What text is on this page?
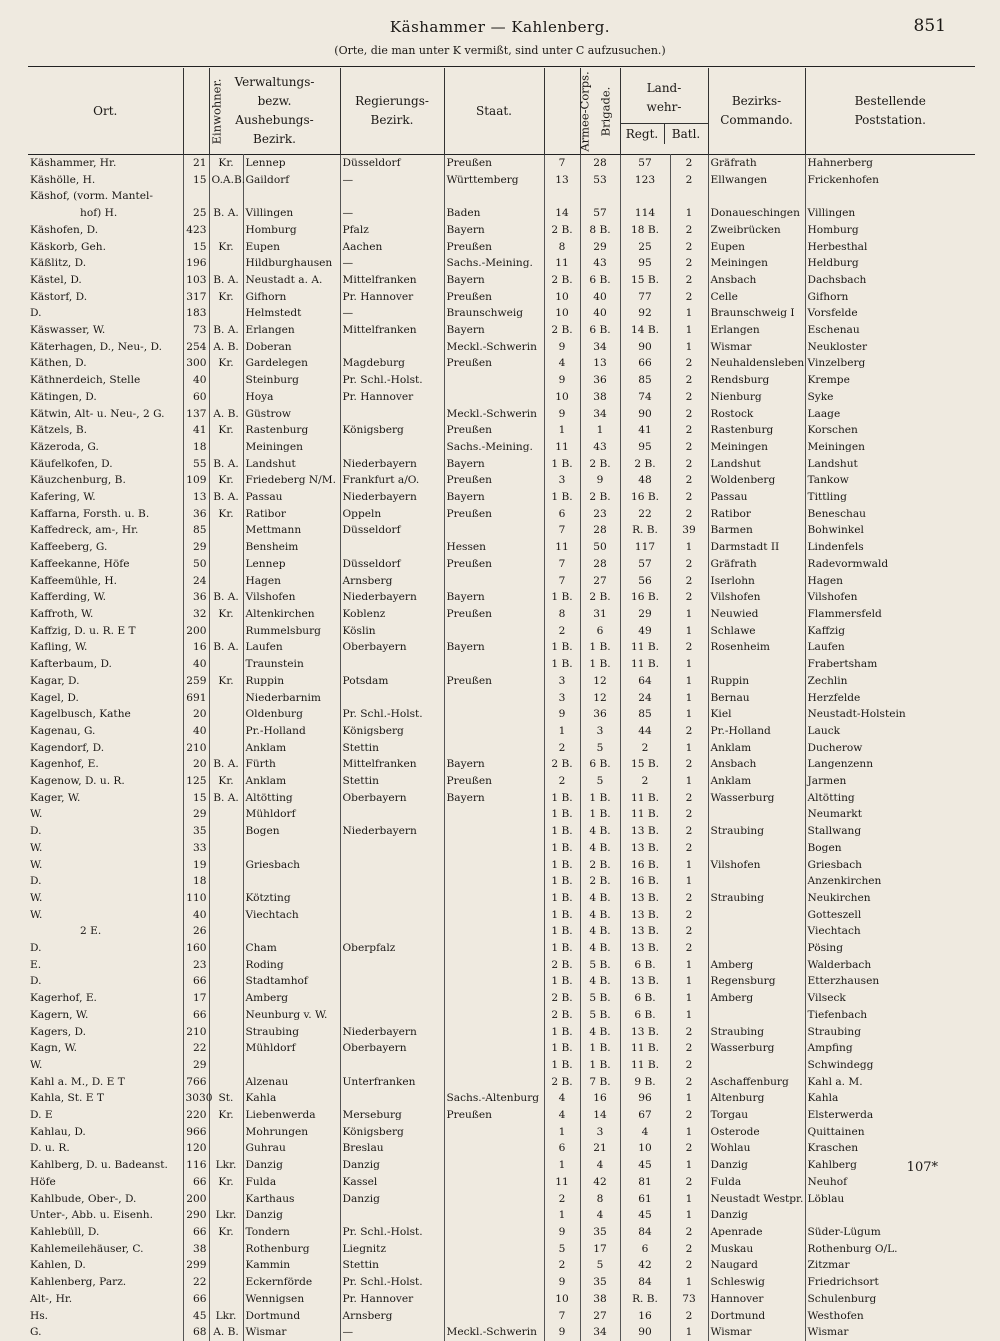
Käshammer — Kahlenberg.
(Orte, die man unter K vermißt, sind unter C aufzusuchen.)
851
Ort.	Einwohner.	Verwaltungs- bezw. Aushebungs- Bezirk.		Regierungs- Bezirk.	Staat.	Armee-Corps.	Brigade.	Land- wehr-
Regt. Batl.		Bezirks- Commando.	Bestellende Poststation.

Käshammer, Hr.	21	Kr.	Lennep	Düsseldorf	Preußen	7	28	57	2	Gräfrath	Hahnerberg
Käshölle, H.	15	O.A.B.	Gaildorf	—	Württemberg	13	53	123	2	Ellwangen	Frickenhofen
Käshof, (vorm. Mantel-											
hof) H.	25	B. A.	Villingen	—	Baden	14	57	114	1	Donaueschingen	Villingen
Käshofen, D.	423		Homburg	Pfalz	Bayern	2 B.	8 B.	18 B.	2	Zweibrücken	Homburg
Käskorb, Geh.	15	Kr.	Eupen	Aachen	Preußen	8	29	25	2	Eupen	Herbesthal
Käßlitz, D.	196		Hildburghausen	—	Sachs.-Meining.	11	43	95	2	Meiningen	Heldburg
Kästel, D.	103	B. A.	Neustadt a. A.	Mittelfranken	Bayern	2 B.	6 B.	15 B.	2	Ansbach	Dachsbach
Kästorf, D.	317	Kr.	Gifhorn	Pr. Hannover	Preußen	10	40	77	2	Celle	Gifhorn
D.	183		Helmstedt	—	Braunschweig	10	40	92	1	Braunschweig I	Vorsfelde
Käswasser, W.	73	B. A.	Erlangen	Mittelfranken	Bayern	2 B.	6 B.	14 B.	1	Erlangen	Eschenau
Käterhagen, D., Neu-, D.	254	A. B.	Doberan		Meckl.-Schwerin	9	34	90	1	Wismar	Neukloster
Käthen, D.	300	Kr.	Gardelegen	Magdeburg	Preußen	4	13	66	2	Neuhaldensleben	Vinzelberg
Käthnerdeich, Stelle	40		Steinburg	Pr. Schl.-Holst.		9	36	85	2	Rendsburg	Krempe
Kätingen, D.	60		Hoya	Pr. Hannover		10	38	74	2	Nienburg	Syke
Kätwin, Alt- u. Neu-, 2 G.	137	A. B.	Güstrow		Meckl.-Schwerin	9	34	90	2	Rostock	Laage
Kätzels, B.	41	Kr.	Rastenburg	Königsberg	Preußen	1	1	41	2	Rastenburg	Korschen
Käzeroda, G.	18		Meiningen		Sachs.-Meining.	11	43	95	2	Meiningen	Meiningen
Käufelkofen, D.	55	B. A.	Landshut	Niederbayern	Bayern	1 B.	2 B.	2 B.	2	Landshut	Landshut
Käuzchenburg, B.	109	Kr.	Friedeberg N/M.	Frankfurt a/O.	Preußen	3	9	48	2	Woldenberg	Tankow
Kafering, W.	13	B. A.	Passau	Niederbayern	Bayern	1 B.	2 B.	16 B.	2	Passau	Tittling
Kaffarna, Forsth. u. B.	36	Kr.	Ratibor	Oppeln	Preußen	6	23	22	2	Ratibor	Beneschau
Kaffedreck, am-, Hr.	85		Mettmann	Düsseldorf		7	28	R. B.	39	Barmen	Bohwinkel
Kaffeeberg, G.	29		Bensheim		Hessen	11	50	117	1	Darmstadt II	Lindenfels
Kaffeekanne, Höfe	50		Lennep	Düsseldorf	Preußen	7	28	57	2	Gräfrath	Radevormwald
Kaffeemühle, H.	24		Hagen	Arnsberg		7	27	56	2	Iserlohn	Hagen
Kafferding, W.	36	B. A.	Vilshofen	Niederbayern	Bayern	1 B.	2 B.	16 B.	2	Vilshofen	Vilshofen
Kaffroth, W.	32	Kr.	Altenkirchen	Koblenz	Preußen	8	31	29	1	Neuwied	Flammersfeld
Kaffzig, D. u. R. E T	200		Rummelsburg	Köslin		2	6	49	1	Schlawe	Kaffzig
Kafling, W.	16	B. A.	Laufen	Oberbayern	Bayern	1 B.	1 B.	11 B.	2	Rosenheim	Laufen
Kafterbaum, D.	40		Traunstein			1 B.	1 B.	11 B.	1		Frabertsham
Kagar, D.	259	Kr.	Ruppin	Potsdam	Preußen	3	12	64	1	Ruppin	Zechlin
Kagel, D.	691		Niederbarnim			3	12	24	1	Bernau	Herzfelde
Kagelbusch, Kathe	20		Oldenburg	Pr. Schl.-Holst.		9	36	85	1	Kiel	Neustadt-Holstein
Kagenau, G.	40		Pr.-Holland	Königsberg		1	3	44	2	Pr.-Holland	Lauck
Kagendorf, D.	210		Anklam	Stettin		2	5	2	1	Anklam	Ducherow
Kagenhof, E.	20	B. A.	Fürth	Mittelfranken	Bayern	2 B.	6 B.	15 B.	2	Ansbach	Langenzenn
Kagenow, D. u. R.	125	Kr.	Anklam	Stettin	Preußen	2	5	2	1	Anklam	Jarmen
Kager, W.	15	B. A.	Altötting	Oberbayern	Bayern	1 B.	1 B.	11 B.	2	Wasserburg	Altötting
W.	29		Mühldorf			1 B.	1 B.	11 B.	2		Neumarkt
D.	35		Bogen	Niederbayern		1 B.	4 B.	13 B.	2	Straubing	Stallwang
W.	33					1 B.	4 B.	13 B.	2		Bogen
W.	19		Griesbach			1 B.	2 B.	16 B.	1	Vilshofen	Griesbach
D.	18					1 B.	2 B.	16 B.	1		Anzenkirchen
W.	110		Kötzting			1 B.	4 B.	13 B.	2	Straubing	Neukirchen
W.	40		Viechtach			1 B.	4 B.	13 B.	2		Gotteszell
2 E.	26					1 B.	4 B.	13 B.	2		Viechtach
D.	160		Cham	Oberpfalz		1 B.	4 B.	13 B.	2		Pösing
E.	23		Roding			2 B.	5 B.	6 B.	1	Amberg	Walderbach
D.	66		Stadtamhof			1 B.	4 B.	13 B.	1	Regensburg	Etterzhausen
Kagerhof, E.	17		Amberg			2 B.	5 B.	6 B.	1	Amberg	Vilseck
Kagern, W.	66		Neunburg v. W.			2 B.	5 B.	6 B.	1		Tiefenbach
Kagers, D.	210		Straubing	Niederbayern		1 B.	4 B.	13 B.	2	Straubing	Straubing
Kagn, W.	22		Mühldorf	Oberbayern		1 B.	1 B.	11 B.	2	Wasserburg	Ampfing
W.	29					1 B.	1 B.	11 B.	2		Schwindegg
Kahl a. M., D. E T	766		Alzenau	Unterfranken		2 B.	7 B.	9 B.	2	Aschaffenburg	Kahl a. M.
Kahla, St. E T	3030	St.	Kahla		Sachs.-Altenburg	4	16	96	1	Altenburg	Kahla
D. E	220	Kr.	Liebenwerda	Merseburg	Preußen	4	14	67	2	Torgau	Elsterwerda
Kahlau, D.	966		Mohrungen	Königsberg		1	3	4	1	Osterode	Quittainen
D. u. R.	120		Guhrau	Breslau		6	21	10	2	Wohlau	Kraschen
Kahlberg, D. u. Badeanst.	116	Lkr.	Danzig	Danzig		1	4	45	1	Danzig	Kahlberg
Höfe	66	Kr.	Fulda	Kassel		11	42	81	2	Fulda	Neuhof
Kahlbude, Ober-, D.	200		Karthaus	Danzig		2	8	61	1	Neustadt Westpr.	Löblau
Unter-, Abb. u. Eisenh.	290	Lkr.	Danzig			1	4	45	1	Danzig	
Kahlebüll, D.	66	Kr.	Tondern	Pr. Schl.-Holst.		9	35	84	2	Apenrade	Süder-Lügum
Kahlemeilehäuser, C.	38		Rothenburg	Liegnitz		5	17	6	2	Muskau	Rothenburg O/L.
Kahlen, D.	299		Kammin	Stettin		2	5	42	2	Naugard	Zitzmar
Kahlenberg, Parz.	22		Eckernförde	Pr. Schl.-Holst.		9	35	84	1	Schleswig	Friedrichsort
Alt-, Hr.	66		Wennigsen	Pr. Hannover		10	38	R. B.	73	Hannover	Schulenburg
Hs.	45	Lkr.	Dortmund	Arnsberg		7	27	16	2	Dortmund	Westhofen
G.	68	A. B.	Wismar	—	Meckl.-Schwerin	9	34	90	1	Wismar	Wismar
107*
